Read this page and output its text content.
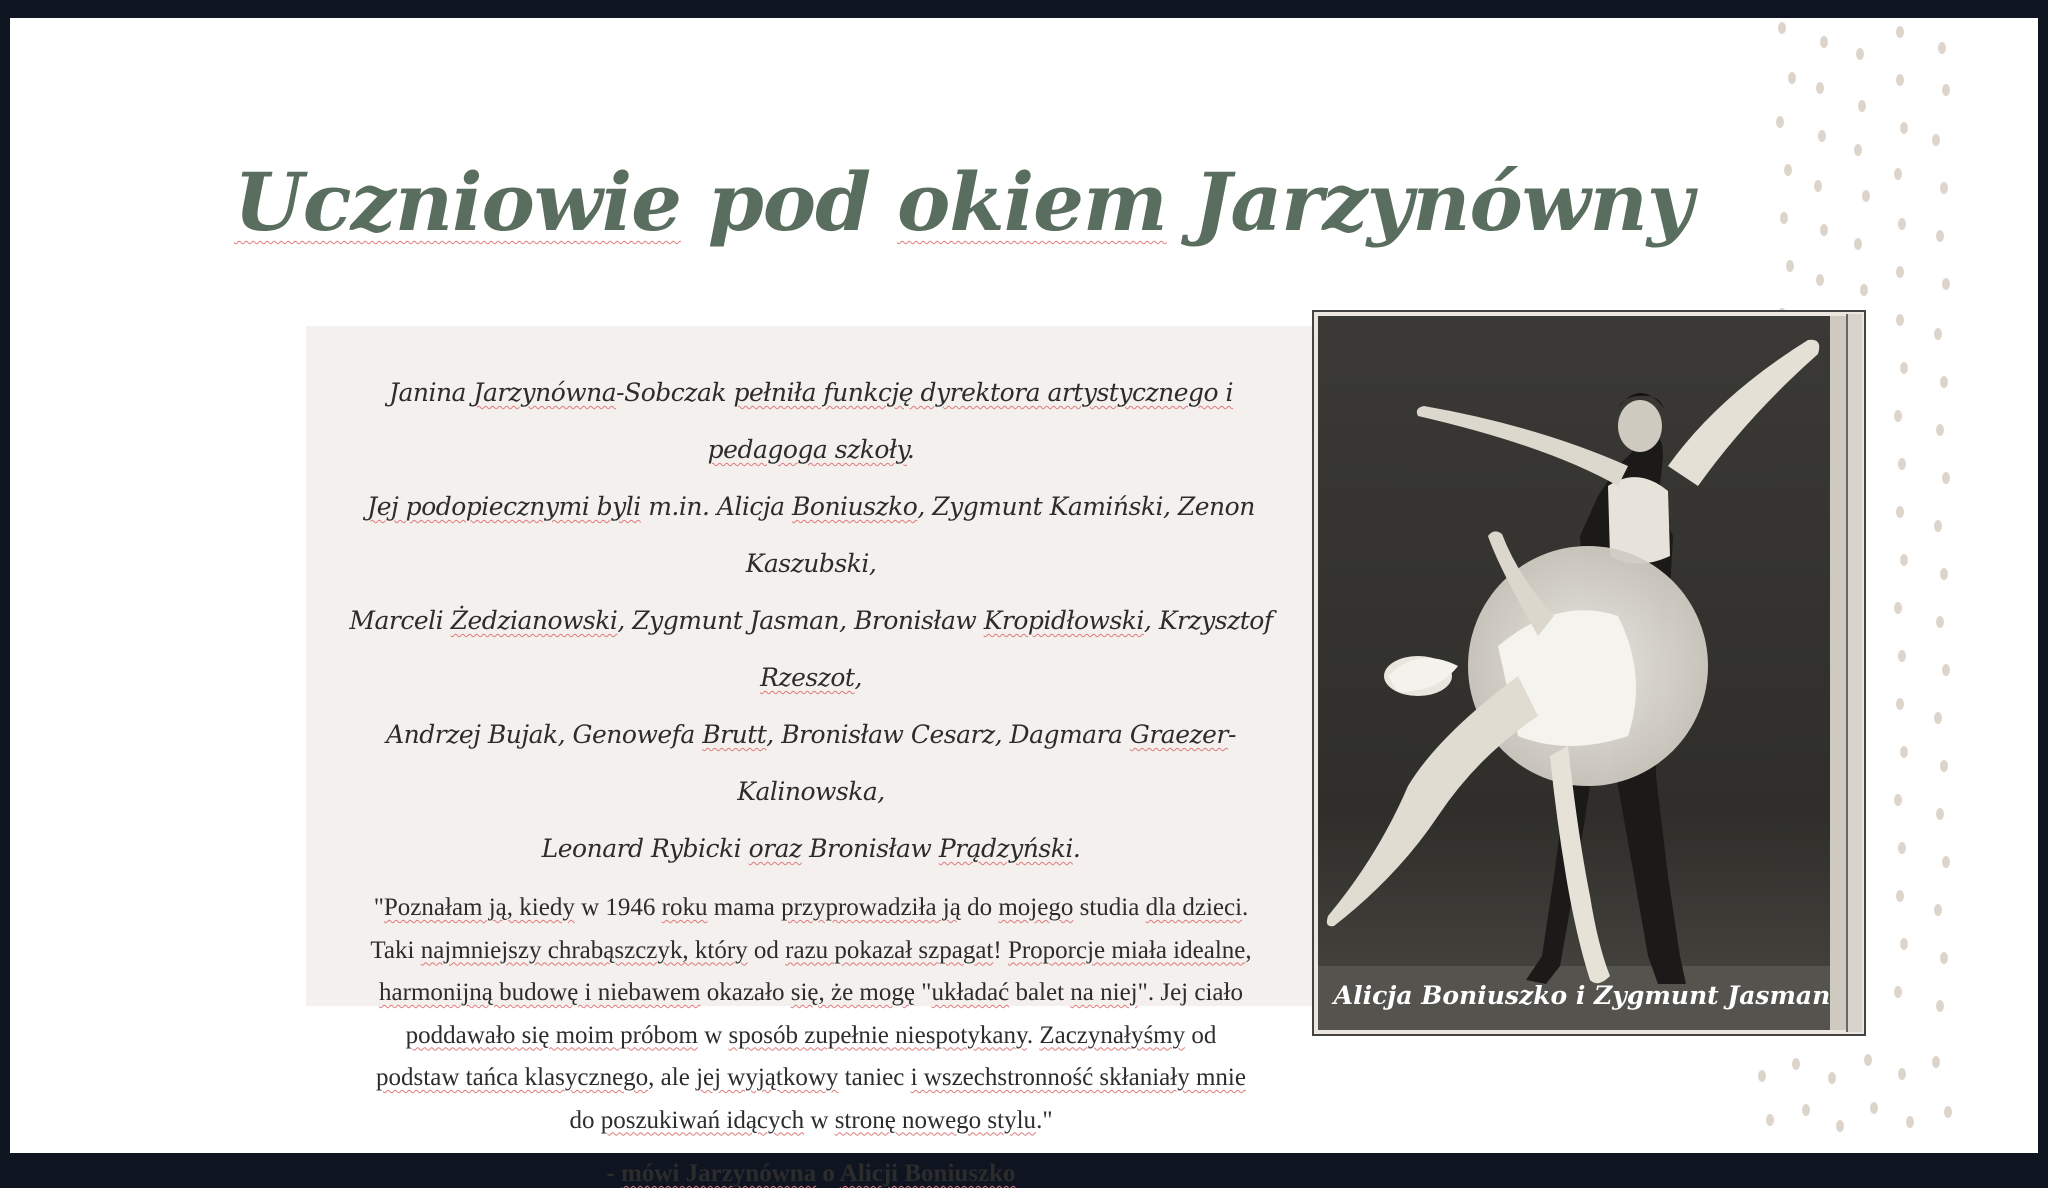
Uczniowie pod okiem Jarzynówny

Janina Jarzynówna-Sobczak pełniła funkcję dyrektora artystycznego i pedagoga szkoły.
Jej podopiecznymi byli m.in. Alicja Boniuszko, Zygmunt Kamiński, Zenon Kaszubski,
Marceli Żedzianowski, Zygmunt Jasman, Bronisław Kropidłowski, Krzysztof Rzeszot,
Andrzej Bujak, Genowefa Brutt, Bronisław Cesarz, Dagmara Graezer-Kalinowska,
Leonard Rybicki oraz Bronisław Prądzyński.

"Poznałam ją, kiedy w 1946 roku mama przyprowadziła ją do mojego studia dla dzieci.
Taki najmniejszy chrabąszczyk, który od razu pokazał szpagat! Proporcje miała idealne,
harmonijną budowę i niebawem okazało się, że mogę "układać balet na niej". Jej ciało
poddawało się moim próbom w sposób zupełnie niespotykany. Zaczynałyśmy od
podstaw tańca klasycznego, ale jej wyjątkowy taniec i wszechstronność skłaniały mnie
do poszukiwań idących w stronę nowego stylu."

- mówi Jarzynówna o Alicji Boniuszko

Alicja Boniuszko i Zygmunt Jasman
